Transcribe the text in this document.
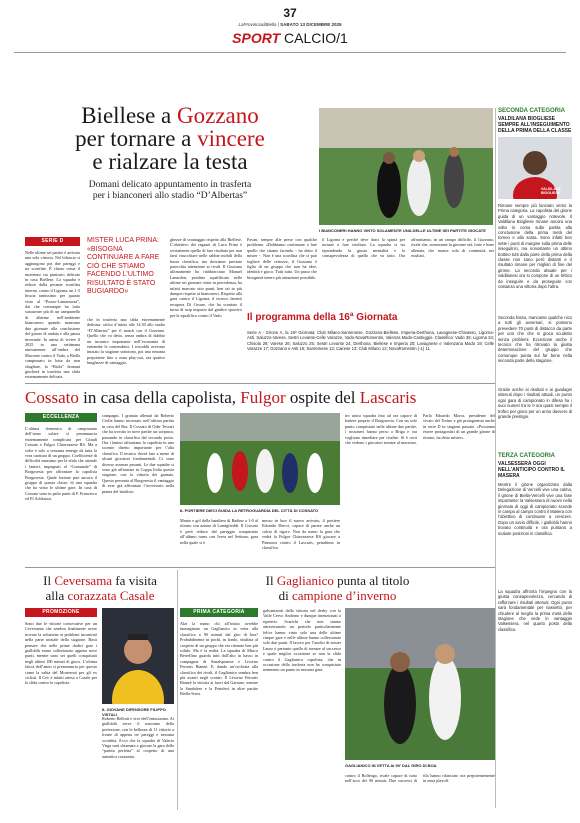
37
LaProvinciadiBiella | SABATO 13 DICEMBRE 2025
SPORT CALCIO/1
Biellese a Gozzano
per tornare a vincere
e rialzare la testa
Domani delicato appuntamento in trasferta
per i bianconeri allo stadio “D’Albertas”
I BIANCONERI HANNO VINTO SOLAMENTE UNA DELLE ULTIME SEI PARTITE GIOCATE
SERIE D
Nelle ultime sei partite è arrivata una sola vittoria. Nel bilancio si aggiungono poi due pareggi e tre sconfitte. È chiaro come il momento sia piuttosto delicato in casa Biellese. La squadra è reduce dalla pesante sconfitta interna, contro il Ligorna, un 1-3 brucia tantissimo per quanto visto al “Pozzo-Lamarmora”, dai che comunque ha fatto sussurrare più di un campanello di allarme nell’ambiente bianconero quando mancano due giornate alla conclusione del girone di andata e alla pausa invernale. In attesa di vivere il 2025 in una settimana nuovamente all’ombra del Mucrone contro il Vado, a Biella campionato in lotta da non sbagliare, la “Biola” domani giocherà in trasferta una sfida estremamente delicata.
MISTER LUCA PRINA:
«BISOGNA CONTINUARE A FARE CIÒ CHE STIAMO FACENDO L’ULTIMO RISULTATO È STATO BUGIARDO»
che in trasferta una sfida estremamente delicata: calcio d’inizio alle 14.30 allo stadio “D’Albertas” per il match con il Gozzano. Quello che va detto, senza ombra di dubbio un incontro importante nell’economia di entrambe le contendenti. I rossoblù avevano iniziato la stagione sottotono, poi una rimonta prepotente fino a zona play-out, ora quattro lunghezze di vantaggio.
ghezze di svantaggio rispetto alla Biellese. L’obiettivo dei ragazzi di Luca Prina è ovviamente quello di fare risultato per non farsi risucchiare nelle sabbie mobili della bassa classifica, ma dovranno prestare parecchia attenzione ai rivali. Il Gozzano ultimamente ha riabbracciato Manuel Lanardon, petalino squalificato nelle ultime sei giornate citate in precedenza, ha infatti marcato otto punti, ben sei in più dunque rispetto ai bianconeri. Rispetto alla gara contro il Ligorna, il tecnico lanierò recupera Di Cesare, che ha scontato il turno di stop imposto dal giudice sportivo per la squalifica contro il Vado.
Pavan, sempre alle prese con qualche problema. «Dobbiamo continuare a fare quello che stiamo facendo - ha detto il mister -. Non è una sconfitta che ci può togliere delle certezze, il Gozzano è figlio di un gruppo che non ha idee, identità e gioco. Tutti tutto. Un passo che bisognerà tenere più attenzione possibile.
il Ligorna e perché deve darci la spinta per tornare a fare risultato. La squadra si sta riprendendo la giusta mentalità e la consapevolezza di quello che va fatto. Ora affrontiamo, in un campo difficile, il Gozzano, rivale che, nonostante la giovane età, forte e bene allenata, che manca solo di continuità nei risultati.
Il programma della 16ª Giornata
Serie A - Girone A, la 16ª Giornata: Club Milano-Sanremese, Gozzano-Biellese, Imperia-Derthona, Lavagnese-Chivasso, Ligorna-Asti, Saluzzo-Varese, Sestri Levante-Celle Varazze, Vado-NovaRomentin, Valenza Mado-Casteggio. Classifica: Vado 35; Ligorna 34; Chisola 26; Varese 26; Saluzzo 25; Sestri Levante 24; Derthona, Biellese e Imperia 20; Lavagnese e Valenzana Mado 19; Celle Varazze 17; Gozzano e Asti 16; Sanremese 13; Cairese 13; Club Milano 12; NovaRomentin (-1) 11.
SECONDA CATEGORIA
VALDILANA BIOGLIESE SEMPRE ALL’INSEGUIMENTO DELLA PRIMA DELLA CLASSE
VALDILANA BIOGLIESE
Rimane sempre più lanciato verso la Prima categoria. La capolista del girone guida di un vantaggio notevole. Il Valdilana Biogliese rimane ancora una volta in corsa sulla partita alla conclusione della prima metà del torneo e alla sosta. Sono infatti ben sette i punti di margine sulla prima delle inseguitrici, ma nonostante un ottimo bottino tutti dalla parte della prima della classe non sono però distanti e il risultato rimane per migliori di fine del girone. La seconda attuale per i valdilanesi ora si compone di un trittico da inseguire e da proseguire con costanza una vittoria dopo l’altra.
Seconda fossa, mancante qualche nico a tutti gli avversari, si possono prevedere 70 punti di distacco da parte per uno che che si gioca scudetto senza problemi. Eccezione anche il tecnico che ha ritrovato la giusta determinazione del gruppo che comunque punta sul far bene nella seconda parte della stagione.
Grazie anche ai risultati e ai guadagni ottenuti dopo i risultati attuali, un punto ogni gara di campionato in difesa ha i suoi numeri tra le 0 ora quasi sempre il trofeo per gioco per un anno davvero di grande prestigio.
TERZA CATEGORIA
VALSESSERA OGGI NELL’ANTICIPO CONTRO IL MASERA
Mentre il girone organizzato dalla Delegazione di Vercelli vive una calma, il girone di Biella-Vercelli vive una fase importante: la Valsessera di nuovo nella giornata di oggi di campionato scende in campo al campo contro il Masera con l’obiettivo di continuare a crescere. Dopo un avvio difficile, i gialloblù hanno trovato continuità e ora puntano a scalare posizioni in classifica.
La squadra affronta l’impegno con la giusta consapevolezza, cercando di rafforzare i risultati ottenuti. Ogni punto sarà fondamentale per riassetto, per chiudere al meglio la prima metà della stagione che vede in vantaggio Valsessera, nel quarto posto della classifica.
Cossato in casa della capolista, Fulgor ospite del Lascaris
ECCELLENZA
L’ultima domenica di campionato dell’anno solare si preannuncia estremamente complicata per Cittadi Cossato e Fulgor Chiavazzese RS. Ma a volte è solo a sessanta emerge da tutta la vera caratura di un gruppo. Coefficiente di difficoltà massimo per la sfida che attende i lanieri, impegnati al “Comunale” di Borgosesia per affrontare la capolista Borgosesia. Quale lezione può ancora il gruppo di questa classe, di una squadra che ha vinto le ultime gare. In casa di Cossato sono in palio punti di F. Francesco ed El Achkaoui.
compagni. I granata allenati da Roberto Crolla hanno incassato nell’ultima partita in casa del Bra. Il Cossato di Oder Tescari che ha trovato in nove partite un sorpasso, passando in classifica dal secondo posto. Ora i lanieri affrontano la capolista in uno scontro diretto importante per l’alta classifica. Il tecnico dovrà fare a meno di alcuni giocatori fondamentali. Ci sono diverse assenze pesanti. Le due squadre si sono già affrontate in Coppa Italia questa stagione, con la vittoria dei granata. Questo presenta al Borgosesia il vantaggio di aver già affrontato l’avversario nella pianta del lanificio.
IL PORTIERE DIECI GUIDA LA RETROGUARDIA DEL CITTÀ DI COSSATO
Manto e gol della bandiera di Badino a 1-0 al ritorno con azione di Lamigfreddi. Il Cossato è però reduce dal pareggio conquistato all’ultimo turno con Ivrea nel Settimo, gara nella quale si è
messo in luce il nuovo arrivato, il portiere Edoardo Diecci, capace di parare anche un calcio di rigore. Non da meno la gara che vedrà la Fulgor Chiavazzese RS giocare a Pianezza contro il Lascaris, penultimo in classifica.
tro unico squadra fino ad ora capace di battere proprio il Borgosesia. Con un solo punto conquistato nelle ultime due partite, i rossoneri hanno perso a Briga e ora vogliono rimediare per risalire. Sì è certi che vedono i giocatori tornare al massimo. Parla Edoardo Morra, presidente del vivaio del Torino e già protagonista anche in serie D in stagioni passate. «Possiamo essere protagonisti di un grande girone di ritorno, ha detto mister».
Il Ceversama fa visita
alla corazzata Casale
PROMOZIONE
Sono due le vittorie consecutive per un Ceversama che sembra finalmente avere trovato la soluzione ai problemi incontrati nella parte iniziale della stagione. Basti pensare che nelle prime dodici gare i gialloblù erano collezionato appena nove punti, mentre sono sei quelli conquistati negli ultimi 180 minuti di gioco. L’ultima fatica dell’anno si preannuncia per questo come la salita del Morteroni per gli ex ciclisti. Il Cev è infatti atteso a Casale per la sfida contro la capolista.
IL GIOVANE DIFENSORE FILIPPO VISTALI
Roberto Bellotti e vive dell’entusiasmo. Ai gialloblù serve il massimo della perfezione, con le bellezza di 11 vittorie a fronte di appena tre pareggi e nessuna sconfitta. Ecco che la squadra di Valerio Virga sarà chiamata a giocare la gara della “partita perfetta” al cospetto di una autentica corazzata.
Il Gaglianico punta al titolo
di campione d’inverno
PRIMA CATEGORIA
Alzi la mano chi all’inizio avrebbe immaginato un Gaglianico in vetta alla classifica a 90 minuti dal giro di boa? Probabilmente in pochi, in fondo, sbuffata al cospetto di un gruppo che era ritenuto ben più solido. Ma è la realtà. La squadra di Marco Berrellino guarda tutti dall’alto in basso in compagnia di Sonalsponese e Livorno Ferraris Bianzè. E, dando un’occhiata alla classifica dei rivali, il Gaglianico sembra ben più avanti negli scontri. Il Livorno Ferraris Bianzè la vittoria ai fuori dal Garrone, mentre la Sandalese e la Pratolesi in altre partite Biella-Ivrea.
galvanizzati dalla vittoria nel derby con la Valle Cervo Andorno e dunque intenzionati a ripetersi. Scarichi che non stanno attraversando un periodo particolarmente felice hanno vinto solo una delle ultime cinque gare e nelle ultime hanno collezionato solo due punti. Il lavoro per l’undici di mister Lauro è pertanto quello di tornare al successo e quale miglior occasione se non la sfida contro il Gaglianico capolista, che in occasione della trasferta non ha conquistato nemmeno un punto in nessuna gara.
GAGLIANICO IN VETTA AI 90’ DAL GIRO DI BOA
contro il Bollengo, rivale capace di tutto nell’arco dei 90 minuti. Due successi di fila hanno rilanciato ora prepotentemente in zona playoff.
